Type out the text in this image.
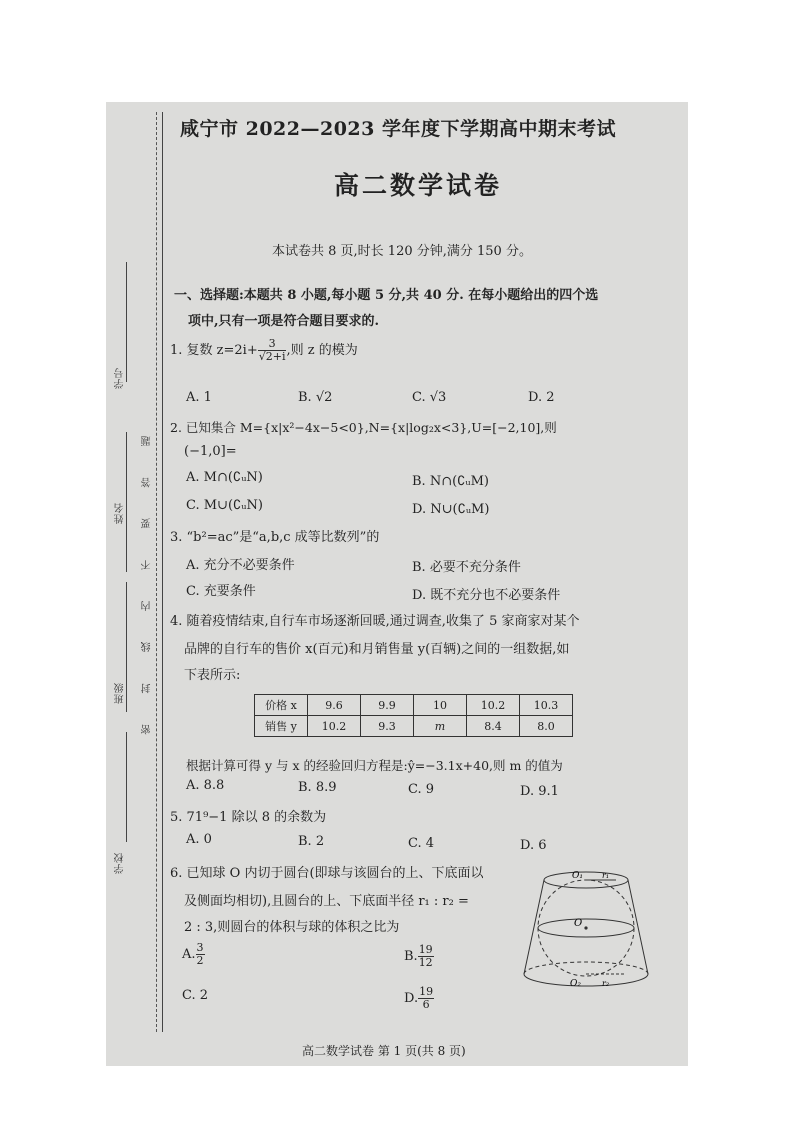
学号
姓名
班级
学校
密 封 线 内 不 要 答 题
咸宁市 2022—2023 学年度下学期高中期末考试
高二数学试卷
本试卷共 8 页,时长 120 分钟,满分 150 分。
一、选择题:本题共 8 小题,每小题 5 分,共 40 分. 在每小题给出的四个选
项中,只有一项是符合题目要求的.
1. 复数 $z=2i+ \frac{3}{√2+i}$ ,则 z 的模为
A. 1	B. √2	C. √3	D. 2
2. 已知集合 M={x|x²−4x−5<0},N={x|log₂x<3},U=[−2,10],则
(−1,0]=
A. M∩(∁ᵤN)	B. N∩(∁ᵤM)
C. M∪(∁ᵤN)	D. N∪(∁ᵤM)
3. “b²=ac”是“a,b,c 成等比数列”的
A. 充分不必要条件	B. 必要不充分条件
C. 充要条件	D. 既不充分也不必要条件
4. 随着疫情结束,自行车市场逐渐回暖,通过调查,收集了 5 家商家对某个
品牌的自行车的售价 x(百元)和月销售量 y(百辆)之间的一组数据,如
下表所示:
价格 x	9.6	9.9	10	10.2	10.3
销售 y	10.2	9.3	m	8.4	8.0
根据计算可得 y 与 x 的经验回归方程是:ŷ=−3.1x+40,则 m 的值为
A. 8.8	B. 8.9	C. 9	D. 9.1
5. 71⁹−1 除以 8 的余数为
A. 0	B. 2	C. 4	D. 6
6. 已知球 O 内切于圆台(即球与该圆台的上、下底面以
及侧面均相切),且圆台的上、下底面半径 r₁ : r₂ =
2 : 3,则圆台的体积与球的体积之比为
A. $\frac{3}{2}$	B. $\frac{19}{12}$
C. 2	D. $\frac{19}{6}$
O₁ r₁
O
O₂	r₂
高二数学试卷 第 1 页(共 8 页)
